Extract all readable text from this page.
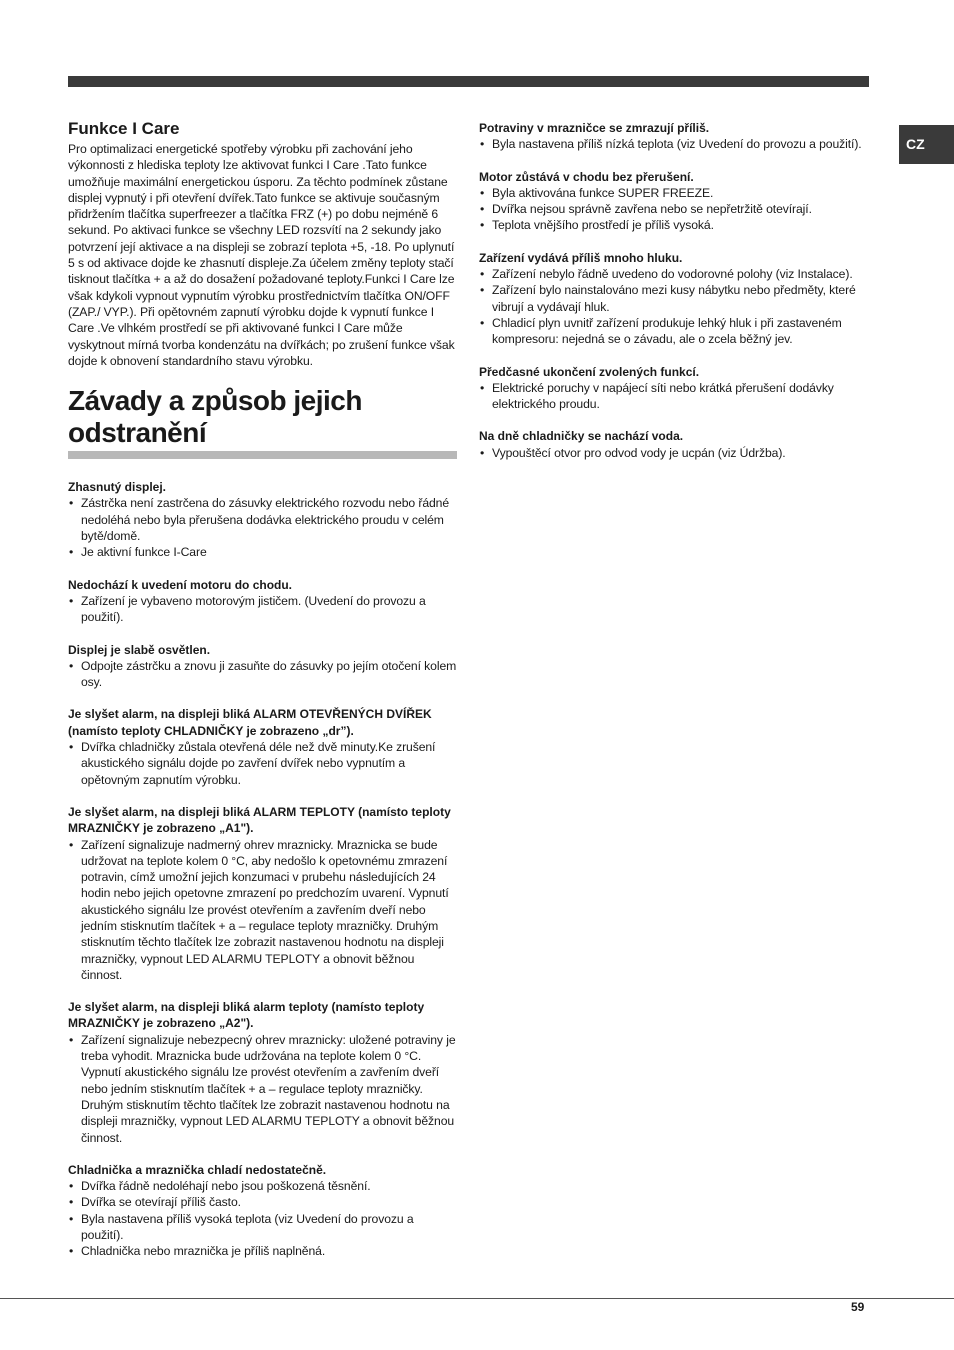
CZ
Funkce I Care

Pro optimalizaci energetické spotřeby výrobku při zachování jeho výkonnosti z hlediska teploty lze aktivovat funkci I Care .Tato funkce umožňuje maximální energetickou úsporu. Za těchto podmínek zůstane displej vypnutý i při otevření dvířek.Tato funkce se aktivuje současným přidržením tlačítka superfreezer a tlačítka FRZ (+) po dobu nejméně 6 sekund. Po aktivaci funkce se všechny LED rozsvítí na 2 sekundy jako potvrzení její aktivace a na displeji se zobrazí teplota +5, -18. Po uplynutí 5 s od aktivace dojde ke zhasnutí displeje.Za účelem změny teploty stačí tisknout tlačítka + a až do dosažení požadované teploty.Funkci I Care lze však kdykoli vypnout vypnutím výrobku prostřednictvím tlačítka ON/OFF (ZAP./ VYP.). Při opětovném zapnutí výrobku dojde k vypnutí funkce I Care .Ve vlhkém prostředí se při aktivované funkci I Care může vyskytnout mírná tvorba kondenzátu na dvířkách; po zrušení funkce však dojde k obnovení standardního stavu výrobku.

Závady a způsob jejich odstranění
Zhasnutý displej.
• Zástrčka není zastrčena do zásuvky elektrického rozvodu nebo řádné nedoléhá nebo byla přerušena dodávka elektrického proudu v celém bytě/domě.
• Je aktivní funkce I-Care
Nedochází k uvedení motoru do chodu.
• Zařízení je vybaveno motorovým jističem. (Uvedení do provozu a použití).
Displej je slabě osvětlen.
• Odpojte zástrčku a znovu ji zasuňte do zásuvky po jejím otočení kolem osy.
Je slyšet alarm, na displeji bliká ALARM OTEVŘENÝCH DVÍŘEK (namísto teploty CHLADNIČKY je zobrazeno „dr”).
• Dvířka chladničky zůstala otevřená déle než dvě minuty.Ke zrušení akustického signálu dojde po zavření dvířek nebo vypnutím a opětovným zapnutím výrobku.
Je slyšet alarm, na displeji bliká ALARM TEPLOTY (namísto teploty MRAZNIČKY je zobrazeno „A1").
• Zařízení signalizuje nadmerný ohrev mraznicky. Mraznicka se bude udržovat na teplote kolem 0 °C, aby nedošlo k opetovnému zmrazení potravin, címž umožní jejich konzumaci v prubehu následujících 24 hodin nebo jejich opetovne zmrazení po predchozím uvarení. Vypnutí akustického signálu lze provést otevřením a zavřením dveří nebo jedním stisknutím tlačítek + a – regulace teploty mrazničky. Druhým stisknutím těchto tlačítek lze zobrazit nastavenou hodnotu na displeji mrazničky, vypnout LED ALARMU TEPLOTY a obnovit běžnou činnost.
Je slyšet alarm, na displeji bliká alarm teploty (namísto teploty MRAZNIČKY je zobrazeno „A2").
• Zařízení signalizuje nebezpecný ohrev mraznicky: uložené potraviny je treba vyhodit. Mraznicka bude udržována na teplote kolem 0 °C. Vypnutí akustického signálu lze provést otevřením a zavřením dveří nebo jedním stisknutím tlačítek + a – regulace teploty mrazničky. Druhým stisknutím těchto tlačítek lze zobrazit nastavenou hodnotu na displeji mrazničky, vypnout LED ALARMU TEPLOTY a obnovit běžnou činnost.
Chladnička a mraznička chladí nedostatečně.
• Dvířka řádně nedoléhají nebo jsou poškozená těsnění.
• Dvířka se otevírají příliš často.
• Byla nastavena příliš vysoká teplota (viz Uvedení do provozu a použití).
• Chladnička nebo mraznička je příliš naplněná.
Potraviny v mrazničce se zmrazují příliš.
• Byla nastavena příliš nízká teplota (viz Uvedení do provozu a použití).
Motor zůstává v chodu bez přerušení.
• Byla aktivována funkce SUPER FREEZE.
• Dvířka nejsou správně zavřena nebo se nepřetržitě otevírají.
• Teplota vnějšího prostředí je příliš vysoká.
Zařízení vydává příliš mnoho hluku.
• Zařízení nebylo řádně uvedeno do vodorovné polohy (viz Instalace).
• Zařízení bylo nainstalováno mezi kusy nábytku nebo předměty, které vibrují a vydávají hluk.
• Chladicí plyn uvnitř zařízení produkuje lehký hluk i při zastaveném kompresoru: nejedná se o závadu, ale o zcela běžný jev.
Předčasné ukončení zvolených funkcí.
• Elektrické poruchy v napájecí síti nebo krátká přerušení dodávky elektrického proudu.
Na dně chladničky se nachází voda.
• Vypouštěcí otvor pro odvod vody je ucpán (viz Údržba).
59
